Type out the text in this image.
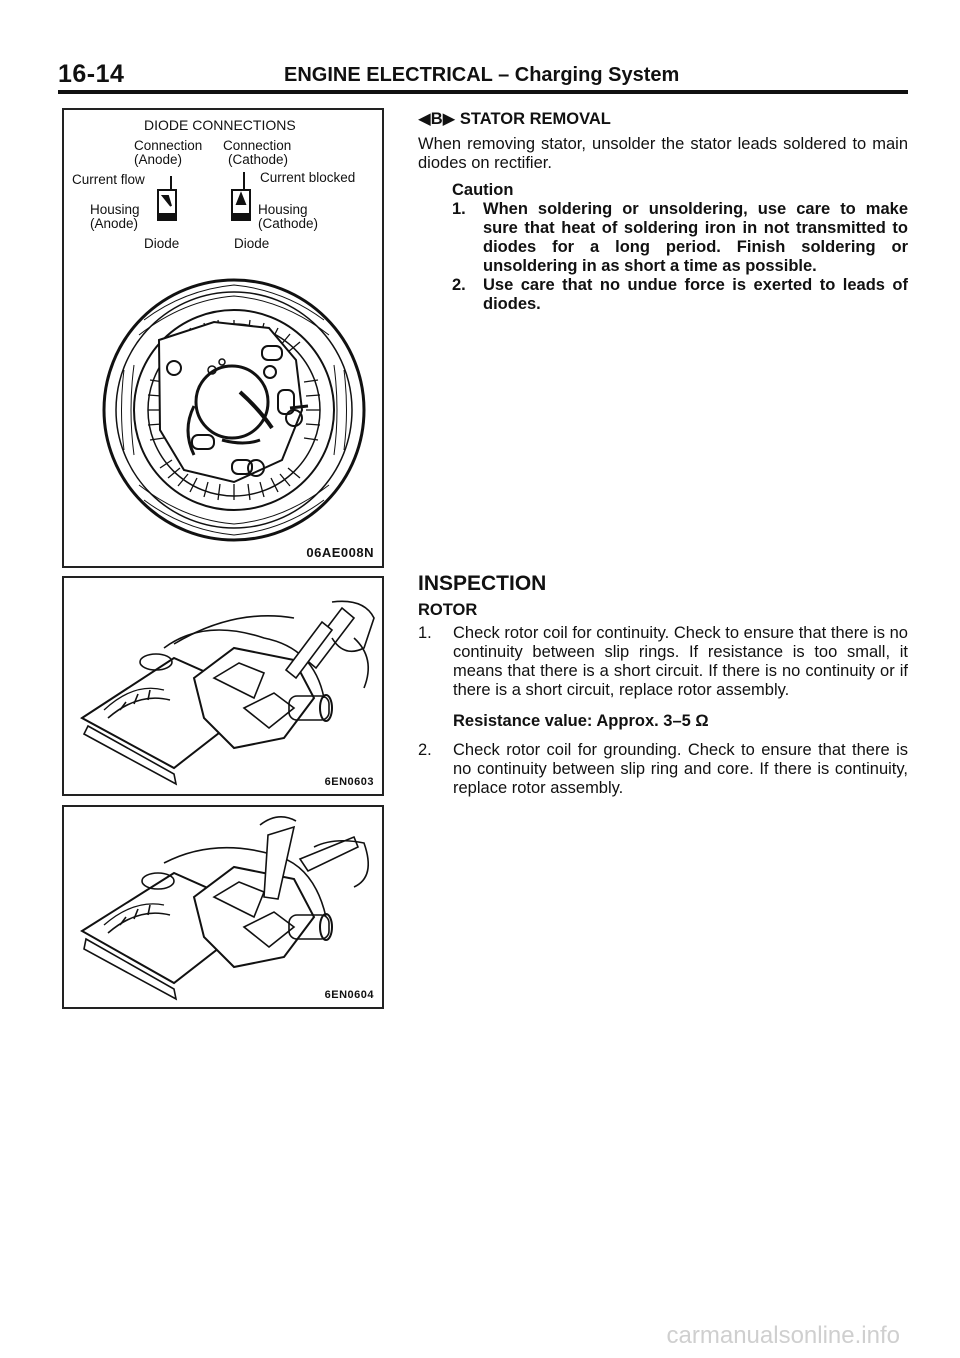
16-14	ENGINE ELECTRICAL – Charging System
DIODE CONNECTIONS
Connection Connection
(Anode)	(Cathode)
Current flow	Current blocked
Housing
(Anode)
Housing
(Cathode)
Diode	Diode
06AE008N
6EN0603
6EN0604
◀B▶ STATOR REMOVAL
When removing stator, unsolder the stator leads soldered to main diodes on rectifier.
Caution
1. When soldering or unsoldering, use care to make sure that heat of soldering iron in not transmitted to diodes for a long period. Finish soldering or unsoldering in as short a time as possible.
2. Use care that no undue force is exerted to leads of diodes.
INSPECTION
ROTOR
1. Check rotor coil for continuity. Check to ensure that there is no continuity between slip rings. If resistance is too small, it means that there is a short circuit. If there is no continuity or if there is a short circuit, replace rotor assembly.
Resistance value: Approx. 3–5 Ω
2. Check rotor coil for grounding. Check to ensure that there is no continuity between slip ring and core. If there is continuity, replace rotor assembly.
carmanualsonline.info
